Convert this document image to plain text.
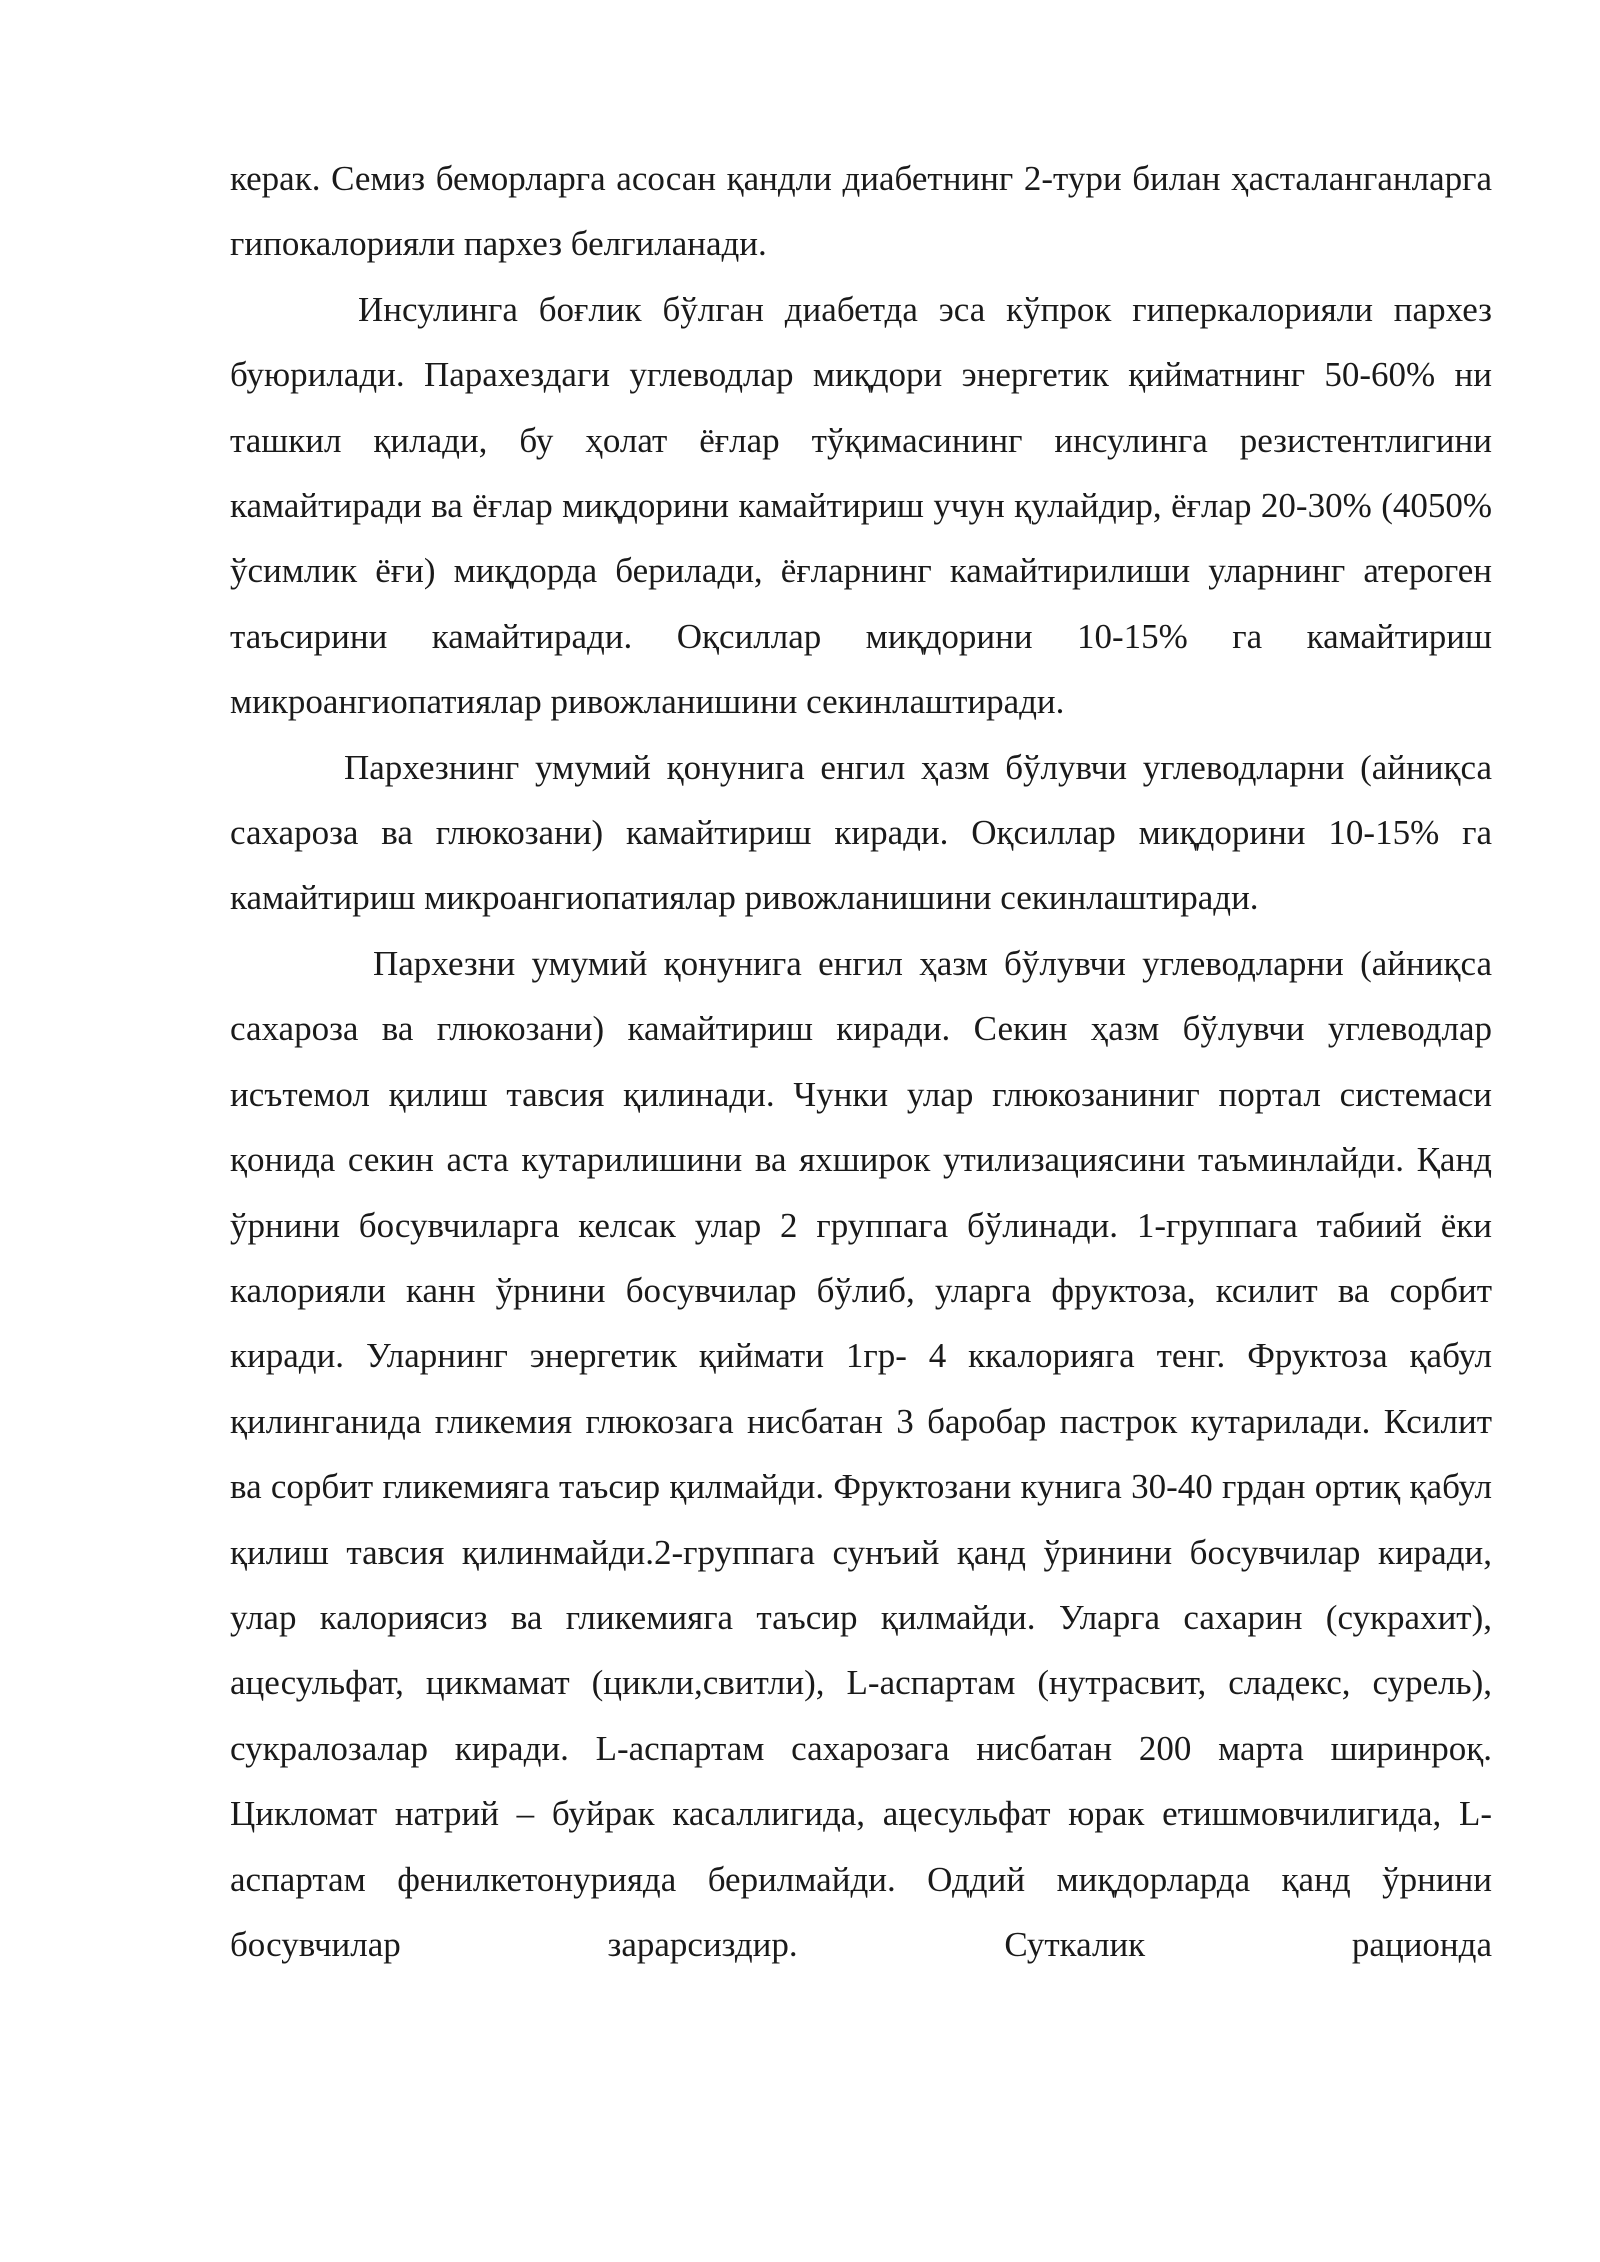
керак. Семиз беморларга асосан қандли диабетнинг 2-тури билан ҳасталанганларга гипокалорияли пархез белгиланади.

Инсулинга боғлик бўлган диабетда эса кўпрок гиперкалорияли пархез буюрилади. Парахездаги углеводлар миқдори энергетик қийматнинг 50-60% ни ташкил қилади, бу ҳолат ёғлар тўқимасининг инсулинга резистентлигини камайтиради ва ёғлар миқдорини камайтириш учун қулайдир, ёғлар 20-30% (4050% ўсимлик ёғи) миқдорда берилади, ёғларнинг камайтирилиши уларнинг атероген таъсирини камайтиради. Оқсиллар миқдорини 10-15% га камайтириш микроангиопатиялар ривожланишини секинлаштиради.

Пархезнинг умумий қонунига енгил ҳазм бўлувчи углеводларни (айниқса сахароза ва глюкозани) камайтириш киради. Оқсиллар миқдорини 10-15% га камайтириш микроангиопатиялар ривожланишини секинлаштиради.

Пархезни умумий қонунига енгил ҳазм бўлувчи углеводларни (айниқса сахароза ва глюкозани) камайтириш киради. Секин ҳазм бўлувчи углеводлар исътемол қилиш тавсия қилинади. Чунки улар глюкозаниниг портал системаси қонида секин аста кутарилишини ва яхширок утилизациясини таъминлайди. Қанд ўрнини босувчиларга келсак улар 2 группага бўлинади. 1-группага табиий ёки калорияли канн ўрнини босувчилар бўлиб, уларга фруктоза, ксилит ва сорбит киради. Уларнинг энергетик қиймати 1гр- 4 ккалорияга тенг. Фруктоза қабул қилинганида гликемия глюкозага нисбатан 3 баробар пастрок кутарилади. Ксилит ва сорбит гликемияга таъсир қилмайди. Фруктозани кунига 30-40 грдан ортиқ қабул қилиш тавсия қилинмайди.2-группага сунъий қанд ўринини босувчилар киради, улар калориясиз ва гликемияга таъсир қилмайди. Уларга сахарин (сукрахит), ацесульфат, цикмамат (цикли,свитли), L-аспартам (нутрасвит, сладекс, сурель), сукралозалар киради. L-аспартам сахарозага нисбатан 200 марта ширинроқ. Цикломат натрий – буйрак касаллигида, ацесульфат юрак етишмовчилигида, L-аспартам фенилкетонурияда берилмайди. Оддий миқдорларда қанд ўрнини босувчилар зарарсиздир. Суткалик рационда
